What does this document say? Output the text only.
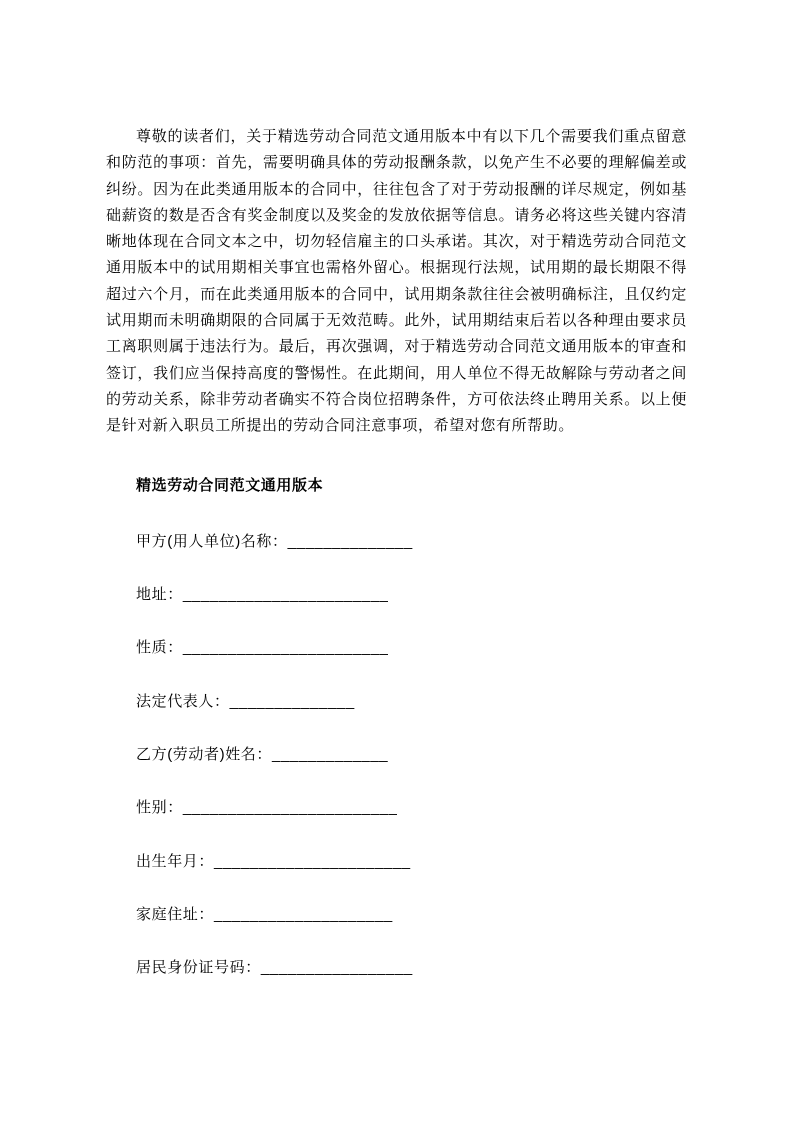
尊敬的读者们，关于精选劳动合同范文通用版本中有以下几个需要我们重点留意和防范的事项：首先，需要明确具体的劳动报酬条款，以免产生不必要的理解偏差或纠纷。因为在此类通用版本的合同中，往往包含了对于劳动报酬的详尽规定，例如基础薪资的数是否含有奖金制度以及奖金的发放依据等信息。请务必将这些关键内容清晰地体现在合同文本之中，切勿轻信雇主的口头承诺。其次，对于精选劳动合同范文通用版本中的试用期相关事宜也需格外留心。根据现行法规，试用期的最长期限不得超过六个月，而在此类通用版本的合同中，试用期条款往往会被明确标注，且仅约定试用期而未明确期限的合同属于无效范畴。此外，试用期结束后若以各种理由要求员工离职则属于违法行为。最后，再次强调，对于精选劳动合同范文通用版本的审查和签订，我们应当保持高度的警惕性。在此期间，用人单位不得无故解除与劳动者之间的劳动关系，除非劳动者确实不符合岗位招聘条件，方可依法终止聘用关系。以上便是针对新入职员工所提出的劳动合同注意事项，希望对您有所帮助。

精选劳动合同范文通用版本

甲方(用人单位)名称：______________

地址：_______________________

性质：_______________________

法定代表人：______________

乙方(劳动者)姓名：_____________

性别：________________________

出生年月：______________________

家庭住址：____________________

居民身份证号码：_________________
